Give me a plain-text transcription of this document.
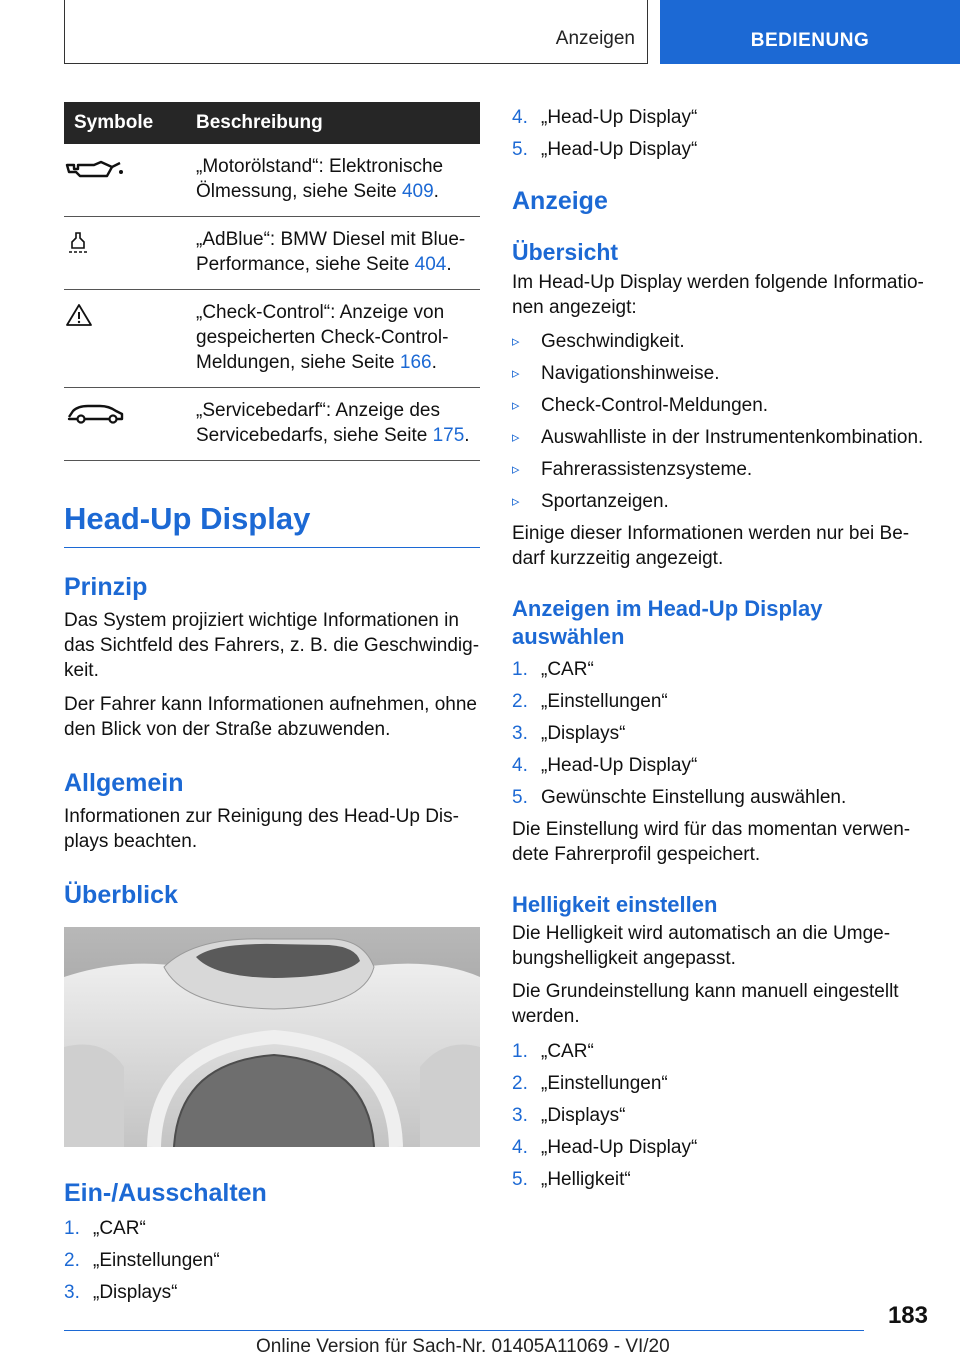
Anzeigen	BEDIENUNG
Symbole	Beschreibung

	„Motorölstand“: Elektronische Ölmessung, siehe Seite 409.

	„AdBlue“: BMW Diesel mit Blue-Performance, siehe Seite 404.

	„Check-Control“: Anzeige von gespeicherten Check-Control-Meldungen, siehe Seite 166.

	„Servicebedarf“: Anzeige des Servicebedarfs, siehe Seite 175.
Head-Up Display
Prinzip

Das System projiziert wichtige Informationen in das Sichtfeld des Fahrers, z. B. die Geschwindig-keit.

Der Fahrer kann Informationen aufnehmen, ohne den Blick von der Straße abzuwenden.

Allgemein

Informationen zur Reinigung des Head-Up Dis-plays beachten.

Überblick
Ein-/Ausschalten
1. „CAR“
2. „Einstellungen“
3. „Displays“
4. „Head-Up Display“
5. „Head-Up Display“
Anzeige
Übersicht

Im Head-Up Display werden folgende Informatio-nen angezeigt:

▹ Geschwindigkeit.
▹ Navigationshinweise.
▹ Check-Control-Meldungen.
▹ Auswahlliste in der Instrumentenkombination.
▹ Fahrerassistenzsysteme.
▹ Sportanzeigen.

Einige dieser Informationen werden nur bei Be-darf kurzzeitig angezeigt.

Anzeigen im Head-Up Display auswählen
1. „CAR“
2. „Einstellungen“
3. „Displays“
4. „Head-Up Display“
5. Gewünschte Einstellung auswählen.

Die Einstellung wird für das momentan verwen-dete Fahrerprofil gespeichert.

Helligkeit einstellen

Die Helligkeit wird automatisch an die Umge-bungshelligkeit angepasst.

Die Grundeinstellung kann manuell eingestellt werden.

1. „CAR“
2. „Einstellungen“
3. „Displays“
4. „Head-Up Display“
5. „Helligkeit“
183
Online Version für Sach-Nr. 01405A11069 - VI/20
